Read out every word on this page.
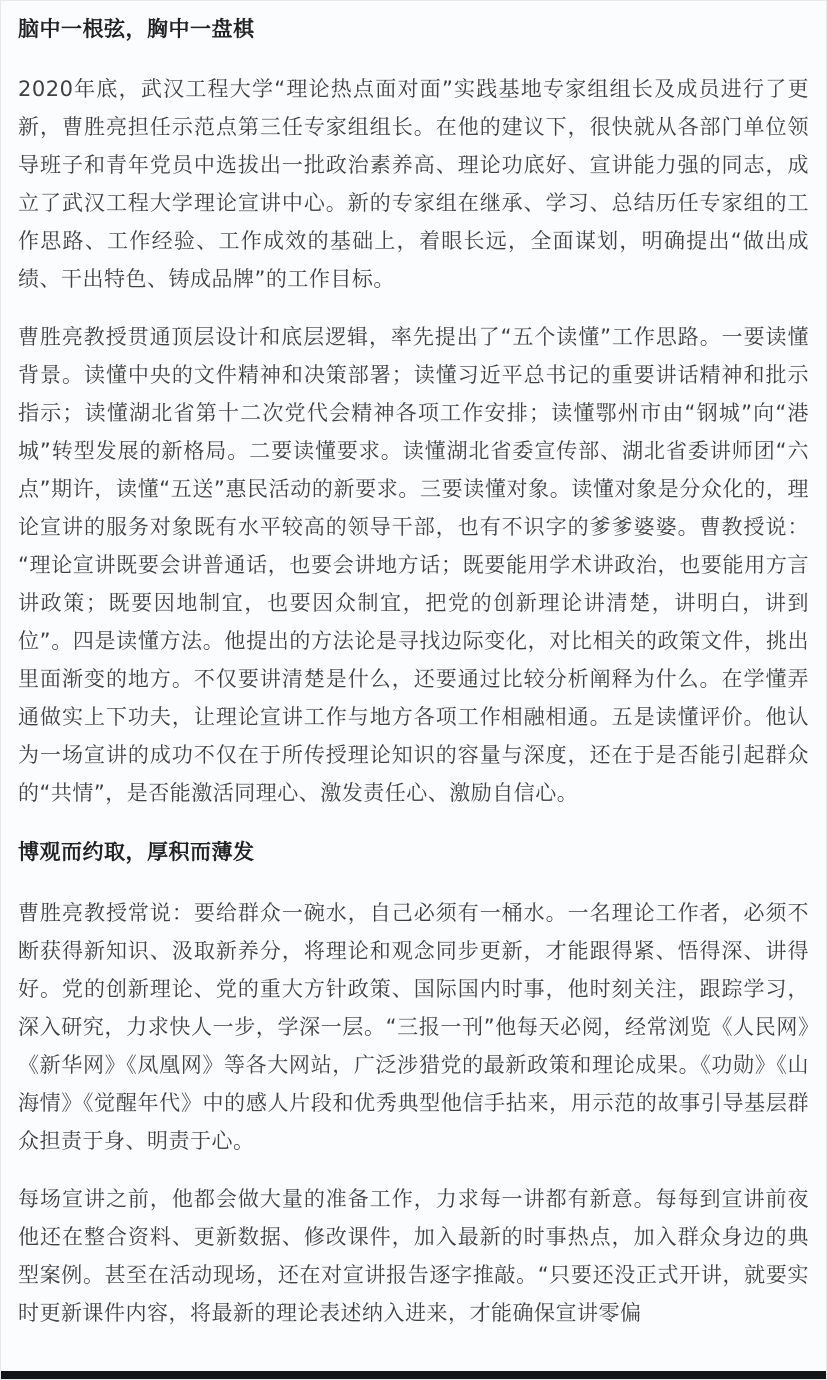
脑中一根弦，胸中一盘棋

2020年底，武汉工程大学“理论热点面对面”实践基地专家组组长及成员进行了更新，曹胜亮担任示范点第三任专家组组长。在他的建议下，很快就从各部门单位领导班子和青年党员中选拔出一批政治素养高、理论功底好、宣讲能力强的同志，成立了武汉工程大学理论宣讲中心。新的专家组在继承、学习、总结历任专家组的工作思路、工作经验、工作成效的基础上，着眼长远，全面谋划，明确提出“做出成绩、干出特色、铸成品牌”的工作目标。

曹胜亮教授贯通顶层设计和底层逻辑，率先提出了“五个读懂”工作思路。一要读懂背景。读懂中央的文件精神和决策部署；读懂习近平总书记的重要讲话精神和批示指示；读懂湖北省第十二次党代会精神各项工作安排；读懂鄂州市由“钢城”向“港城”转型发展的新格局。二要读懂要求。读懂湖北省委宣传部、湖北省委讲师团“六点”期许，读懂“五送”惠民活动的新要求。三要读懂对象。读懂对象是分众化的，理论宣讲的服务对象既有水平较高的领导干部，也有不识字的爹爹婆婆。曹教授说：“理论宣讲既要会讲普通话，也要会讲地方话；既要能用学术讲政治，也要能用方言讲政策；既要因地制宜，也要因众制宜，把党的创新理论讲清楚，讲明白，讲到位”。四是读懂方法。他提出的方法论是寻找边际变化，对比相关的政策文件，挑出里面渐变的地方。不仅要讲清楚是什么，还要通过比较分析阐释为什么。在学懂弄通做实上下功夫，让理论宣讲工作与地方各项工作相融相通。五是读懂评价。他认为一场宣讲的成功不仅在于所传授理论知识的容量与深度，还在于是否能引起群众的“共情”，是否能激活同理心、激发责任心、激励自信心。

博观而约取，厚积而薄发

曹胜亮教授常说：要给群众一碗水，自己必须有一桶水。一名理论工作者，必须不断获得新知识、汲取新养分，将理论和观念同步更新，才能跟得紧、悟得深、讲得好。党的创新理论、党的重大方针政策、国际国内时事，他时刻关注，跟踪学习，深入研究，力求快人一步，学深一层。“三报一刊”他每天必阅，经常浏览《人民网》《新华网》《凤凰网》等各大网站，广泛涉猎党的最新政策和理论成果。《功勋》《山海情》《觉醒年代》中的感人片段和优秀典型他信手拈来，用示范的故事引导基层群众担责于身、明责于心。

每场宣讲之前，他都会做大量的准备工作，力求每一讲都有新意。每每到宣讲前夜他还在整合资料、更新数据、修改课件，加入最新的时事热点，加入群众身边的典型案例。甚至在活动现场，还在对宣讲报告逐字推敲。“只要还没正式开讲，就要实时更新课件内容，将最新的理论表述纳入进来，才能确保宣讲零偏
